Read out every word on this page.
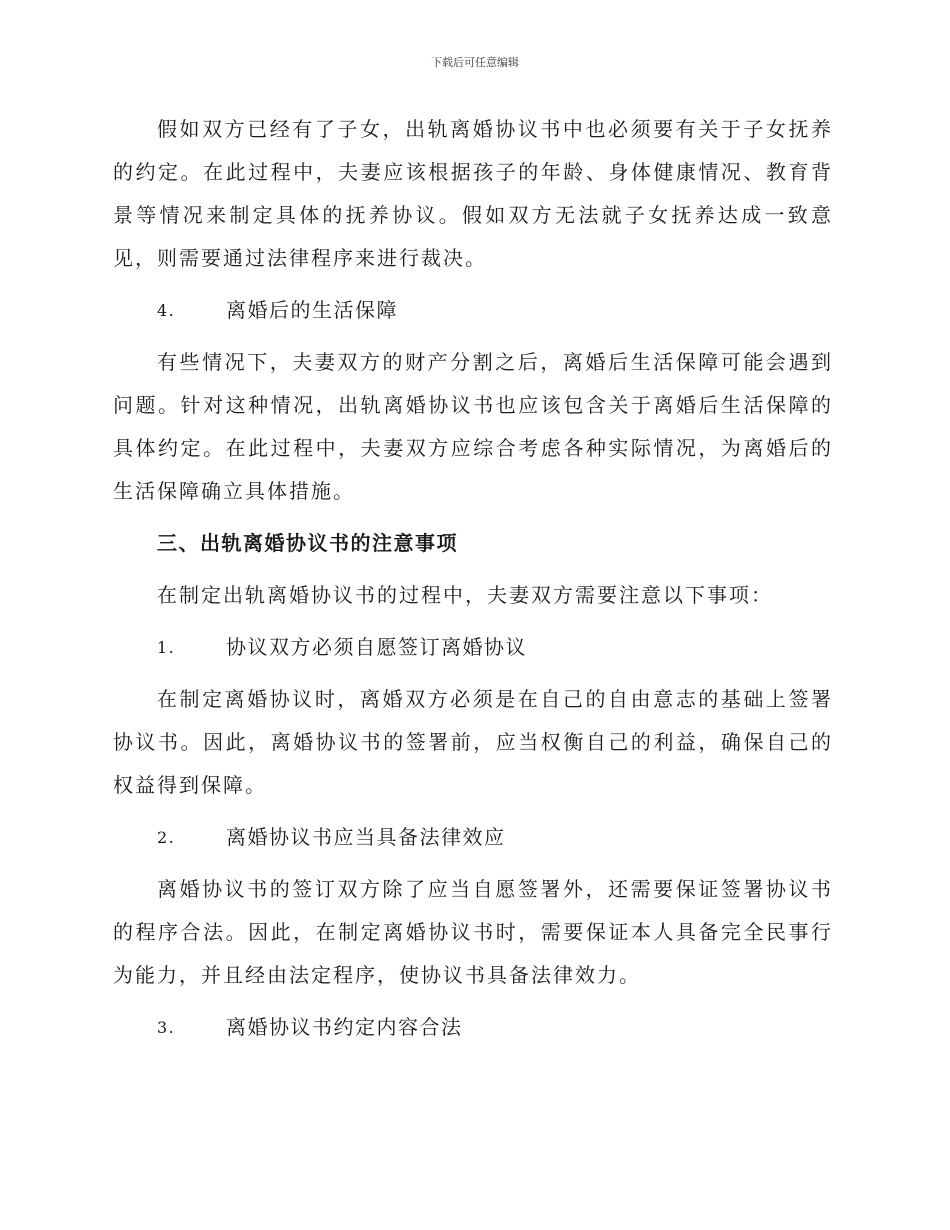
下载后可任意编辑

假如双方已经有了子女，出轨离婚协议书中也必须要有关于子女抚养的约定。在此过程中，夫妻应该根据孩子的年龄、身体健康情况、教育背景等情况来制定具体的抚养协议。假如双方无法就子女抚养达成一致意见，则需要通过法律程序来进行裁决。

4.	离婚后的生活保障

有些情况下，夫妻双方的财产分割之后，离婚后生活保障可能会遇到问题。针对这种情况，出轨离婚协议书也应该包含关于离婚后生活保障的具体约定。在此过程中，夫妻双方应综合考虑各种实际情况，为离婚后的生活保障确立具体措施。

三、出轨离婚协议书的注意事项

在制定出轨离婚协议书的过程中，夫妻双方需要注意以下事项：

1.	协议双方必须自愿签订离婚协议

在制定离婚协议时，离婚双方必须是在自己的自由意志的基础上签署协议书。因此，离婚协议书的签署前，应当权衡自己的利益，确保自己的权益得到保障。

2.	离婚协议书应当具备法律效应

离婚协议书的签订双方除了应当自愿签署外，还需要保证签署协议书的程序合法。因此，在制定离婚协议书时，需要保证本人具备完全民事行为能力，并且经由法定程序，使协议书具备法律效力。

3.	离婚协议书约定内容合法
